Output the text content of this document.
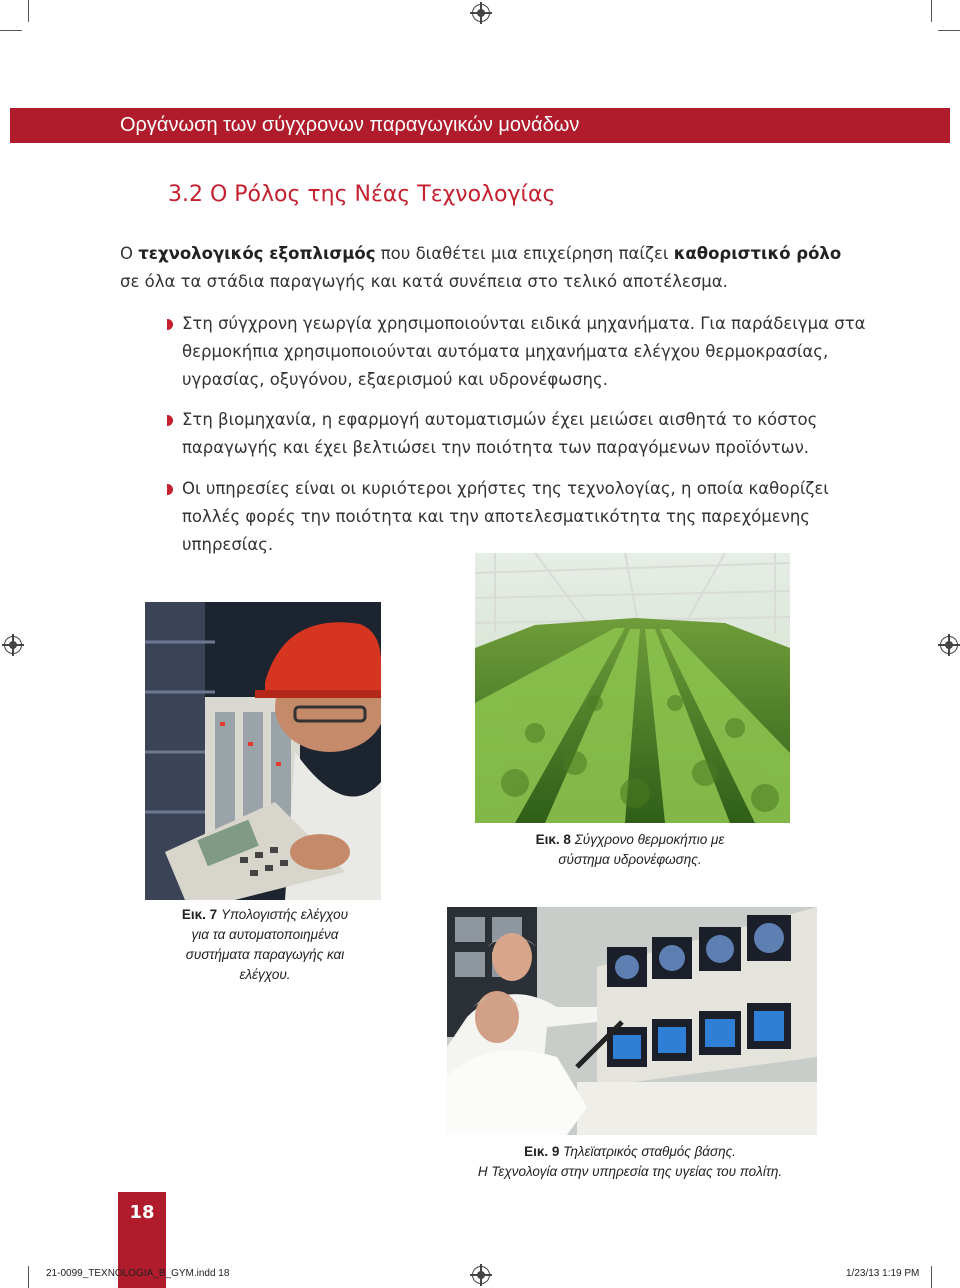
Οργάνωση των σύγχρονων παραγωγικών μονάδων
3.2 Ο Ρόλος της Νέας Τεχνολογίας
Ο τεχνολογικός εξοπλισμός που διαθέτει μια επιχείρηση παίζει καθοριστικό ρόλο σε όλα τα στάδια παραγωγής και κατά συνέπεια στο τελικό αποτέλεσμα.
Στη σύγχρονη γεωργία χρησιμοποιούνται ειδικά μηχανήματα. Για παράδειγμα στα θερμοκήπια χρησιμοποιούνται αυτόματα μηχανήματα ελέγχου θερμοκρασίας, υγρασίας, οξυγόνου, εξαερισμού και υδρονέφωσης.
Στη βιομηχανία, η εφαρμογή αυτοματισμών έχει μειώσει αισθητά το κόστος παραγωγής και έχει βελτιώσει την ποιότητα των παραγόμενων προϊόντων.
Οι υπηρεσίες είναι οι κυριότεροι χρήστες της τεχνολογίας, η οποία καθορίζει πολλές φορές την ποιότητα και την αποτελεσματικότητα της παρεχόμενης υπηρεσίας.
Εικ. 8 Σύγχρονο θερμοκήπιο με σύστημα υδρονέφωσης.
Εικ. 7 Υπολογιστής ελέγχου για τα αυτοματοποιημένα συστήματα παραγωγής και ελέγχου.
Εικ. 9 Τηλεϊατρικός σταθμός βάσης.
Η Τεχνολογία στην υπηρεσία της υγείας του πολίτη.
18
21-0099_TEXNOLOGIA_B_GYM.indd 18	1/23/13 1:19 PM
